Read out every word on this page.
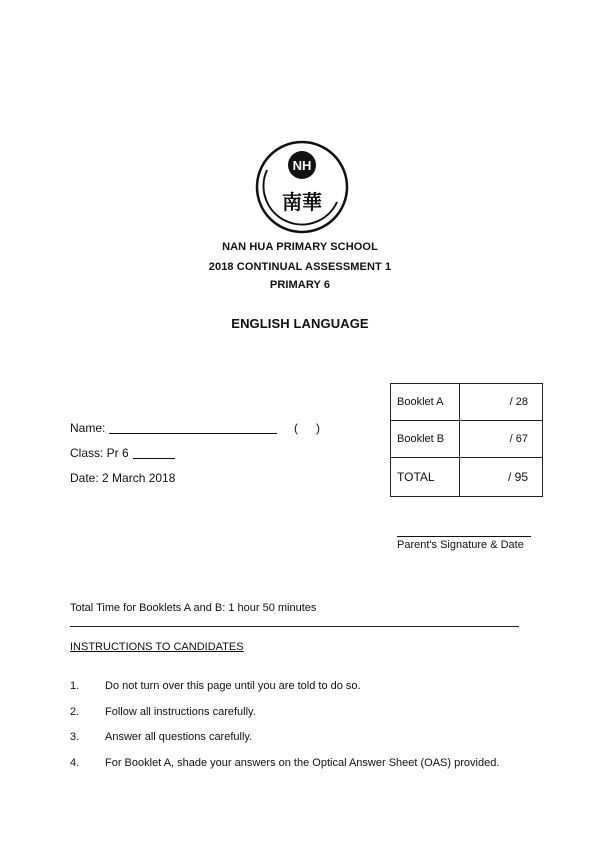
NH
南華
NAN HUA PRIMARY SCHOOL
2018 CONTINUAL ASSESSMENT 1
PRIMARY 6
ENGLISH LANGUAGE
Name:	( )
Class: Pr 6
Date: 2 March 2018
Booklet A	/ 28
Booklet B	/ 67
TOTAL	/ 95
Parent's Signature & Date
Total Time for Booklets A and B: 1 hour 50 minutes
INSTRUCTIONS TO CANDIDATES
1. Do not turn over this page until you are told to do so.
2. Follow all instructions carefully.
3. Answer all questions carefully.
4. For Booklet A, shade your answers on the Optical Answer Sheet (OAS) provided.
